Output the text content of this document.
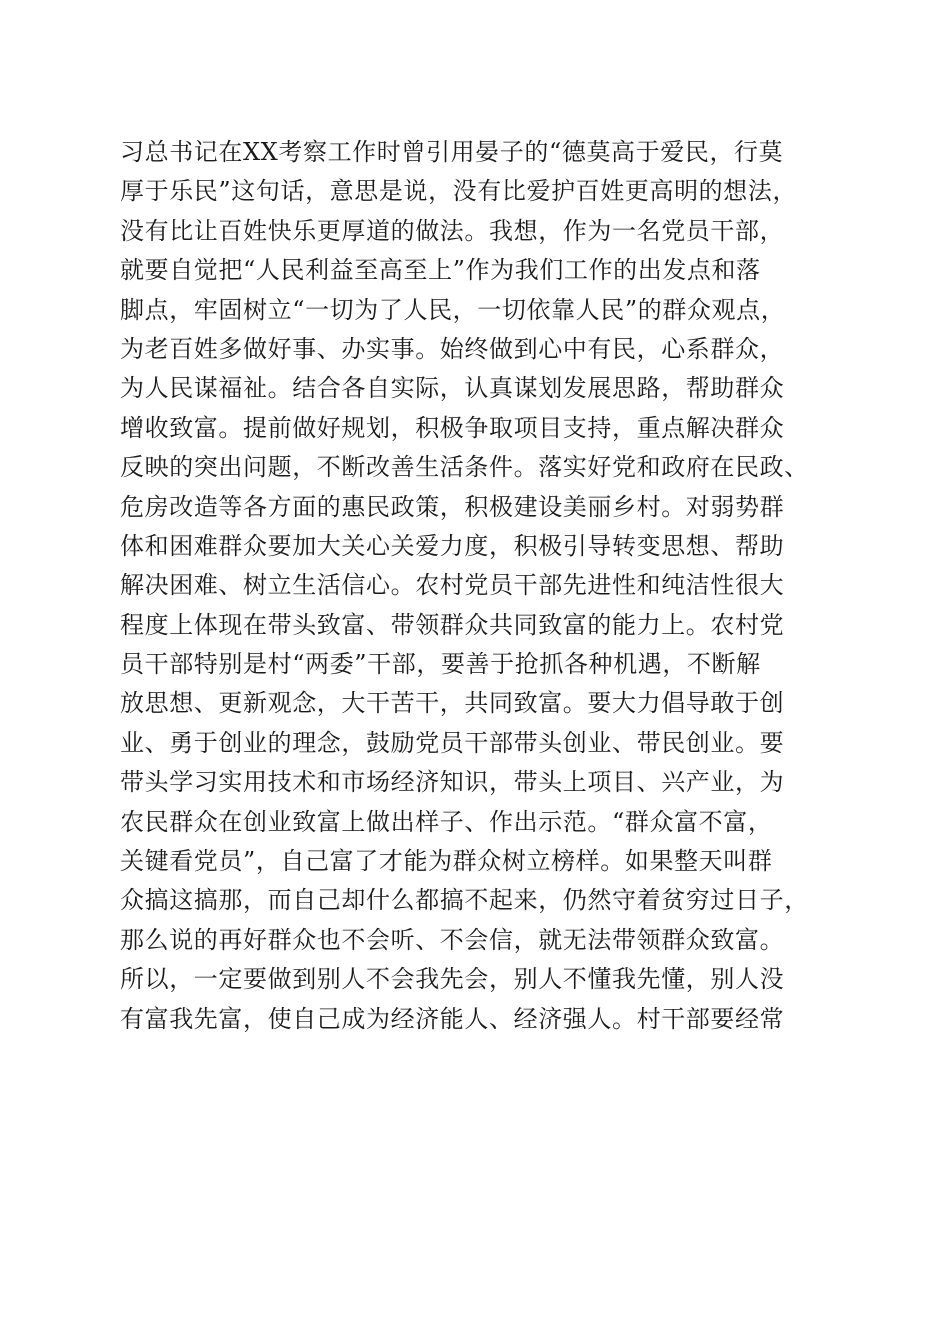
习总书记在XX考察工作时曾引用晏子的“德莫高于爱民，行莫
厚于乐民”这句话，意思是说，没有比爱护百姓更高明的想法，
没有比让百姓快乐更厚道的做法。我想，作为一名党员干部，
就要自觉把“人民利益至高至上”作为我们工作的出发点和落
脚点，牢固树立“一切为了人民，一切依靠人民”的群众观点，
为老百姓多做好事、办实事。始终做到心中有民，心系群众，
为人民谋福祉。结合各自实际，认真谋划发展思路，帮助群众
增收致富。提前做好规划，积极争取项目支持，重点解决群众
反映的突出问题，不断改善生活条件。落实好党和政府在民政、
危房改造等各方面的惠民政策，积极建设美丽乡村。对弱势群
体和困难群众要加大关心关爱力度，积极引导转变思想、帮助
解决困难、树立生活信心。农村党员干部先进性和纯洁性很大
程度上体现在带头致富、带领群众共同致富的能力上。农村党
员干部特别是村“两委”干部，要善于抢抓各种机遇，不断解
放思想、更新观念，大干苦干，共同致富。要大力倡导敢于创
业、勇于创业的理念，鼓励党员干部带头创业、带民创业。要
带头学习实用技术和市场经济知识，带头上项目、兴产业，为
农民群众在创业致富上做出样子、作出示范。“群众富不富，
关键看党员”，自己富了才能为群众树立榜样。如果整天叫群
众搞这搞那，而自己却什么都搞不起来，仍然守着贫穷过日子，
那么说的再好群众也不会听、不会信，就无法带领群众致富。
所以，一定要做到别人不会我先会，别人不懂我先懂，别人没
有富我先富，使自己成为经济能人、经济强人。村干部要经常
